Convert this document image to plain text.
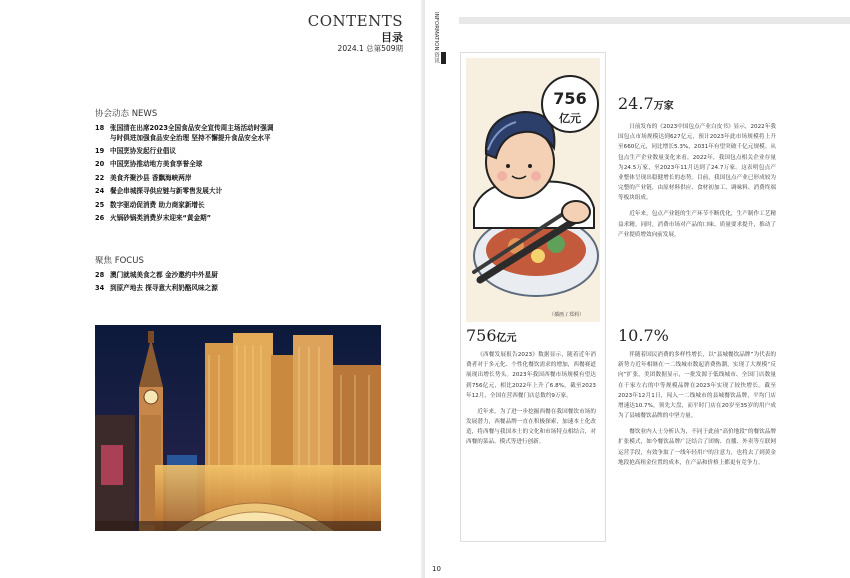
CONTENTS
目录
2024.1 总第509期
协会动态 NEWS
18 张国清在出席2023全国食品安全宣传周主场活动时强调
与时俱进加强食品安全治理 坚持不懈提升食品安全水平
19 中国烹协发起行业倡议
20 中国烹协推动地方美食享誉全球
22 美食齐聚沙县 香飘海峡两岸
24 餐企串城探寻供应链与新零售发展大计
25 数字驱动促消费 助力商家新增长
26 火锅砂锅类消费岁末迎来“黄金期”
聚焦 FOCUS
28 澳门就城美食之都 金沙邀约中外星厨
34 到原产地去 探寻意大利奶酪风味之源
INFORMATION 资讯
756
亿元
（插画 / 郑莉）
24.7万家

日前发布的《2023中国包点产业白皮书》显示，2022年我国包点市场规模达到627亿元，预计2023年此市场规模将上升至660亿元，同比增长5.3%，2031年有望突破千亿元规模。从包点生产企业数量变化来看，2022年，我国包点相关企业存量为24.5万家，至2023年11月达到了24.7万家。这表明包点产业整体呈现出稳健增长的态势。目前，我国包点产业已形成较为完整的产业链，由原材料供应、食材初加工、调味料、消费终端等板块组成。

近年来，包点产业链的生产环节不断优化，生产制作工艺精益求精。同时，消费市场对产品的口味、质量要求提升，推动了产业提质增效向前发展。

756亿元

《西餐发展报告2023》数据显示，随着近年消费者对于多元化、个性化餐饮需求的增加，西餐赛道展现出增长势头。2023年我国西餐市场规模有望达到756亿元，相比2022年上升了6.8%。截至2023年12月，全国在营西餐门店总数约9万家。

近年来，为了进一步挖掘西餐在我国餐饮市场的发展潜力，西餐品牌一直在积极探索，加速本土化改造，将西餐与我国本土的文化和市场特点相结合，对西餐的菜品、模式等进行创新。

10.7%

伴随着国民消费的多样性增长，以“县城餐饮品牌”为代表的新势力近年相继在一二线城市数起消费热潮，实现了大规模“反向”扩张。美团数据显示，一批发源于低线城市、全国门店数量在千家左右的中等规模品牌在2023年实现了较快增长。截至2023年12月1日，闯入一二线城市的县城餐饮品牌，平均门店增速达10.7%，领先大盘，而平时门店在20岁至35岁的用户成为了县城餐饮品牌的中坚力量。

餐饮业内人士分析认为，不同于此前“高价地段”的餐饮品牌扩张模式，如今餐饮品牌广泛结合了团购、直播、外卖等互联网运营手段，有效争取了一线年轻用户的注意力，也将去了到黄金地段抢高租金位置的成本，在产品和价格上都更有竞争力。

10
